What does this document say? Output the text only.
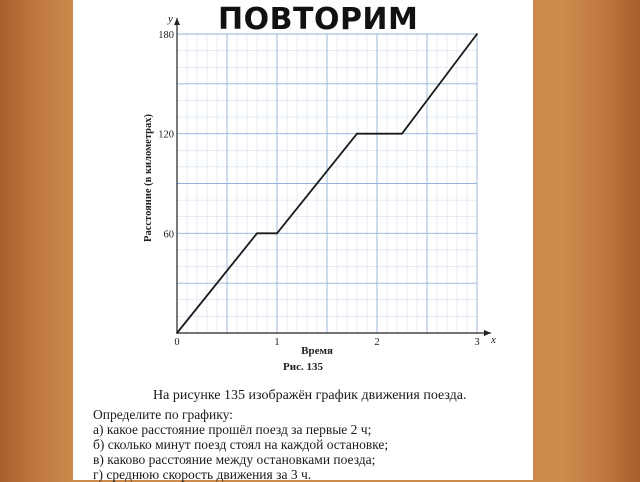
0	1	2	3
60
120
180
Расстояние (в километрах)
Время
x
y
Рис. 135
ПОВТОРИМ

На рисунке 135 изображён график движения поезда.

Определите по графику:

а) какое расстояние прошёл поезд за первые 2 ч;
б) сколько минут поезд стоял на каждой остановке;
в) каково расстояние между остановками поезда;
г) среднюю скорость движения за 3 ч.
